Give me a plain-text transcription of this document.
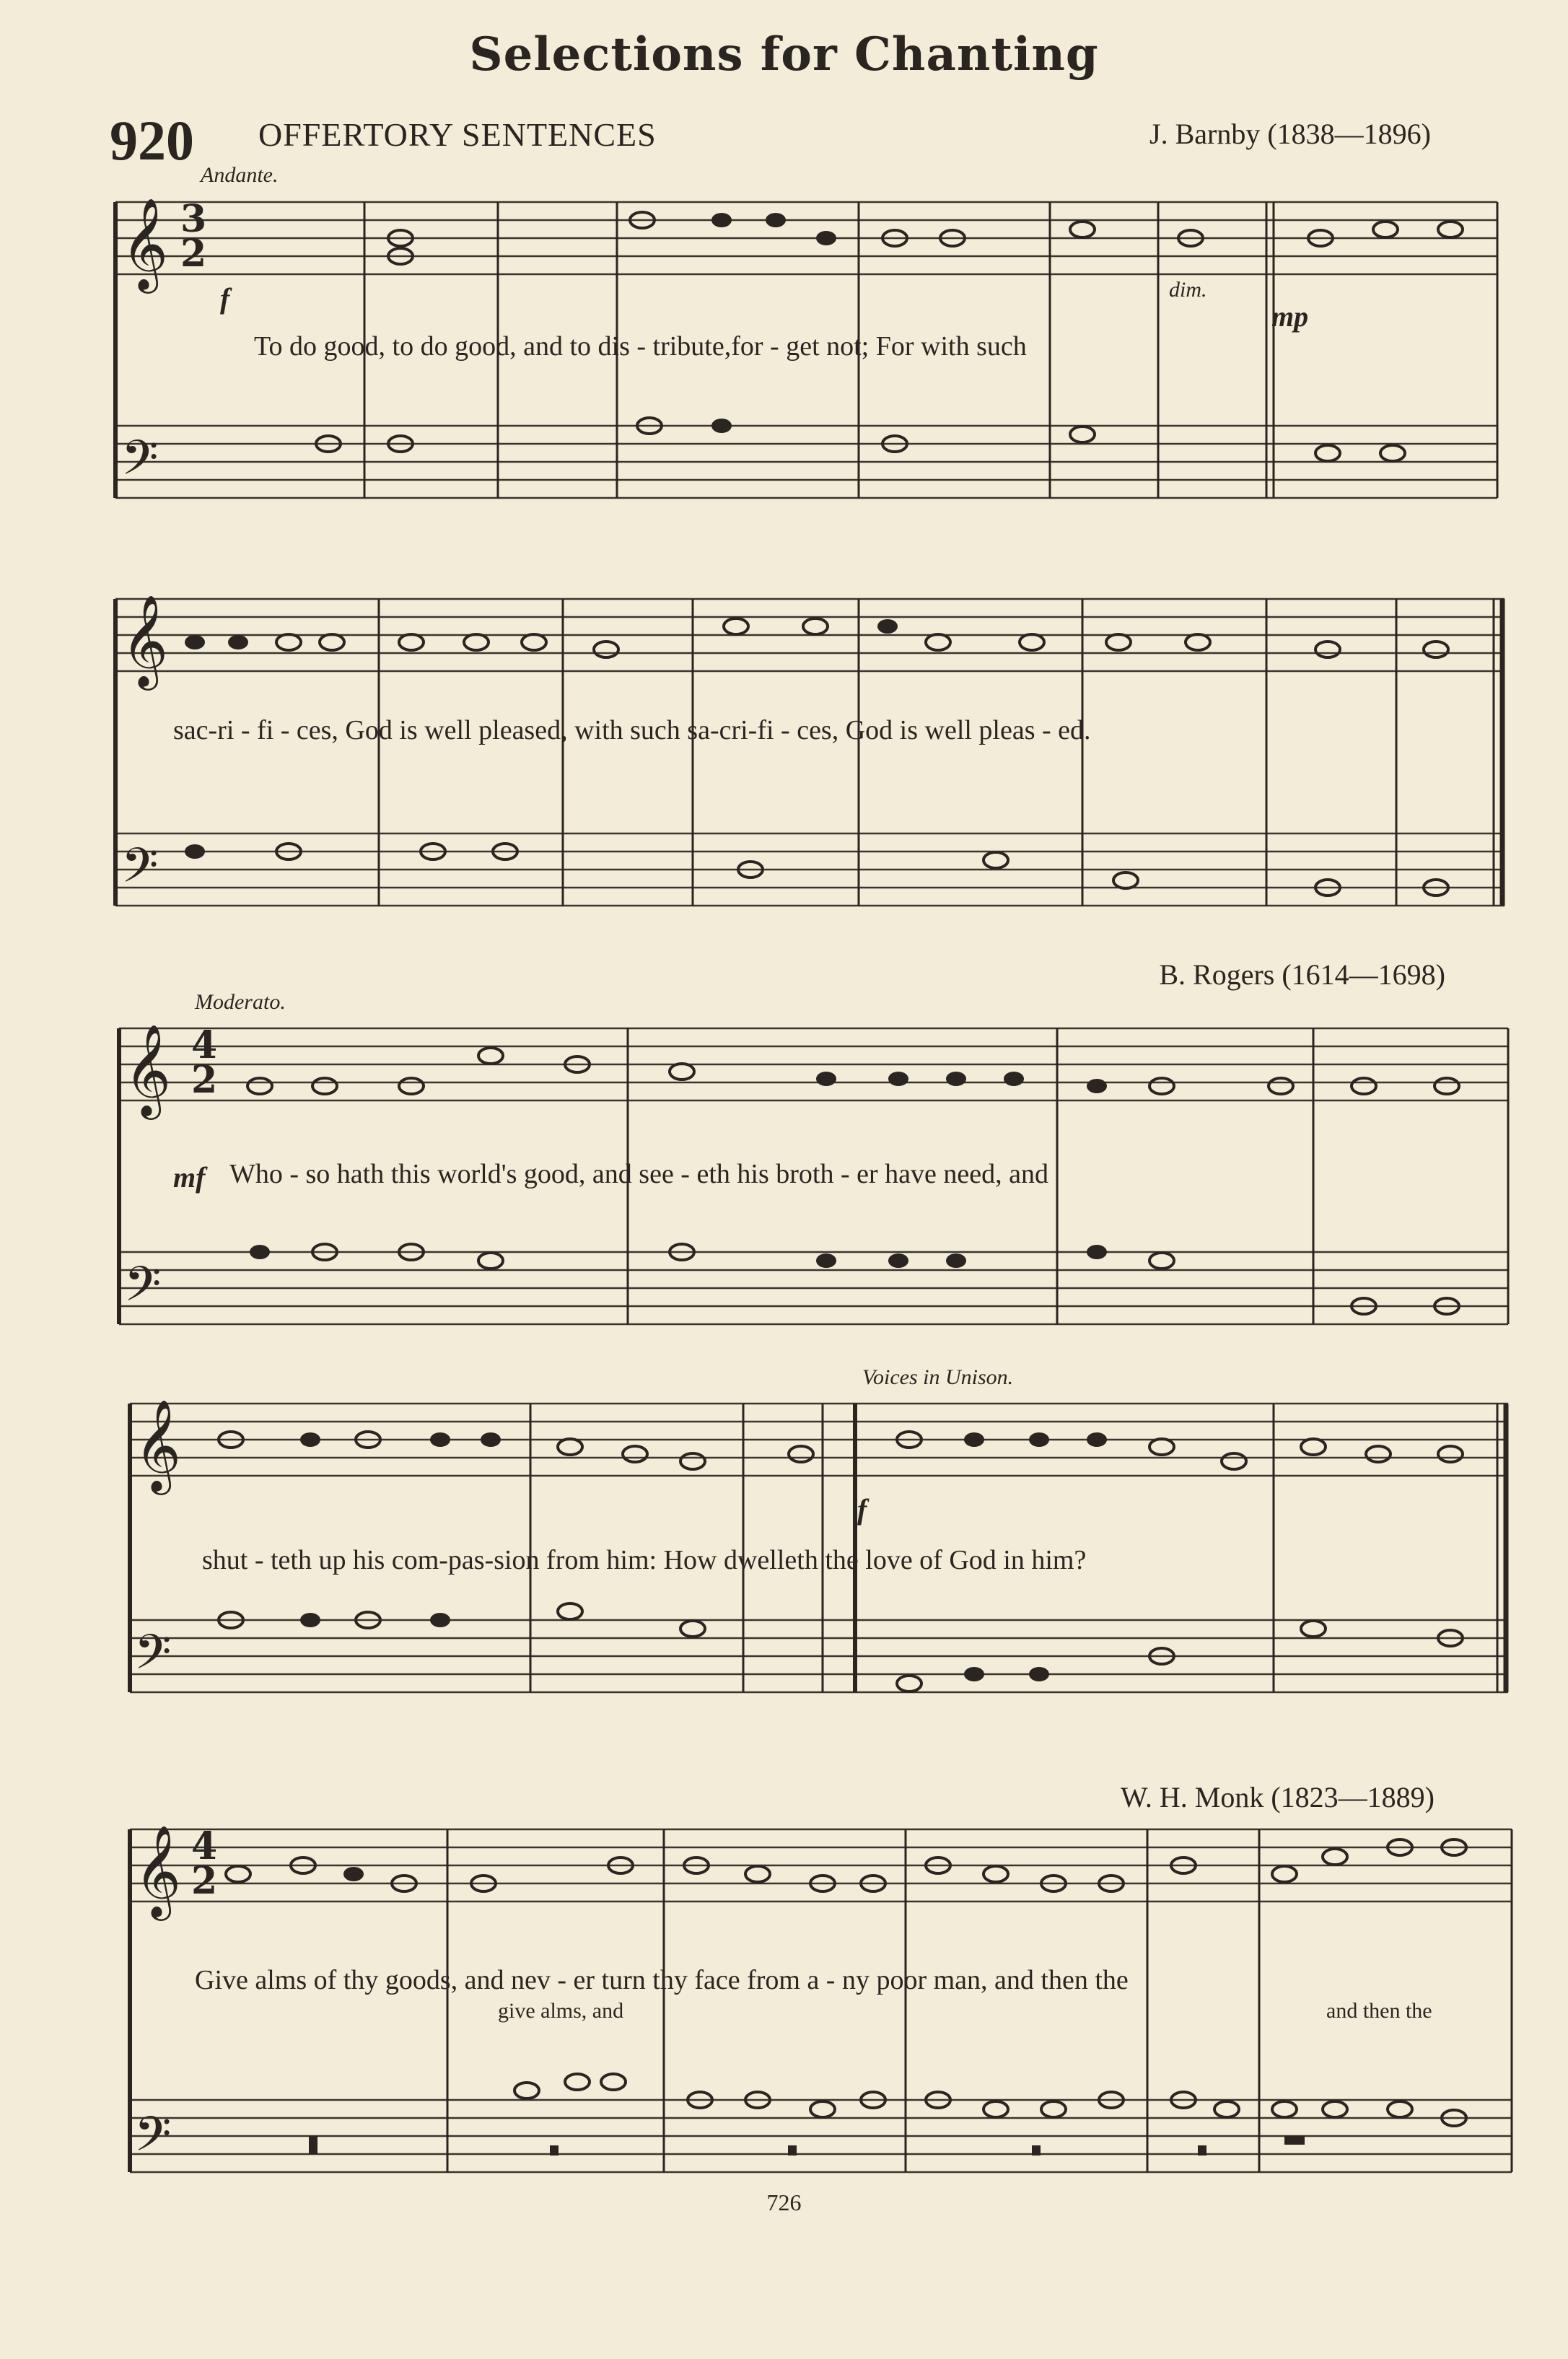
Selections for Chanting
920 OFFERTORY SENTENCES	J. Barnby (1838—1896)
Andante.
𝄞
𝄢
f	dim.
mp
To do good, to do good, and to dis - tribute,for - get not; For with such
𝄞
𝄢
sac-ri - fi - ces, God is well pleased, with such sa-cri-fi - ces, God is well pleas - ed.
B. Rogers (1614—1698)
Moderato.
𝄞
𝄢
mf Who - so hath this world's good, and see - eth his broth - er have need, and
Voices in Unison.
𝄞
𝄢
shut - teth up his com-pas-sion from him: How dwelleth the love of God in him?
f
W. H. Monk (1823—1889)
𝄞
𝄢
Give alms of thy goods, and nev - er turn thy face from a - ny poor man, and then the
give alms, and	and then the
726
3
2
4
2
4
2
